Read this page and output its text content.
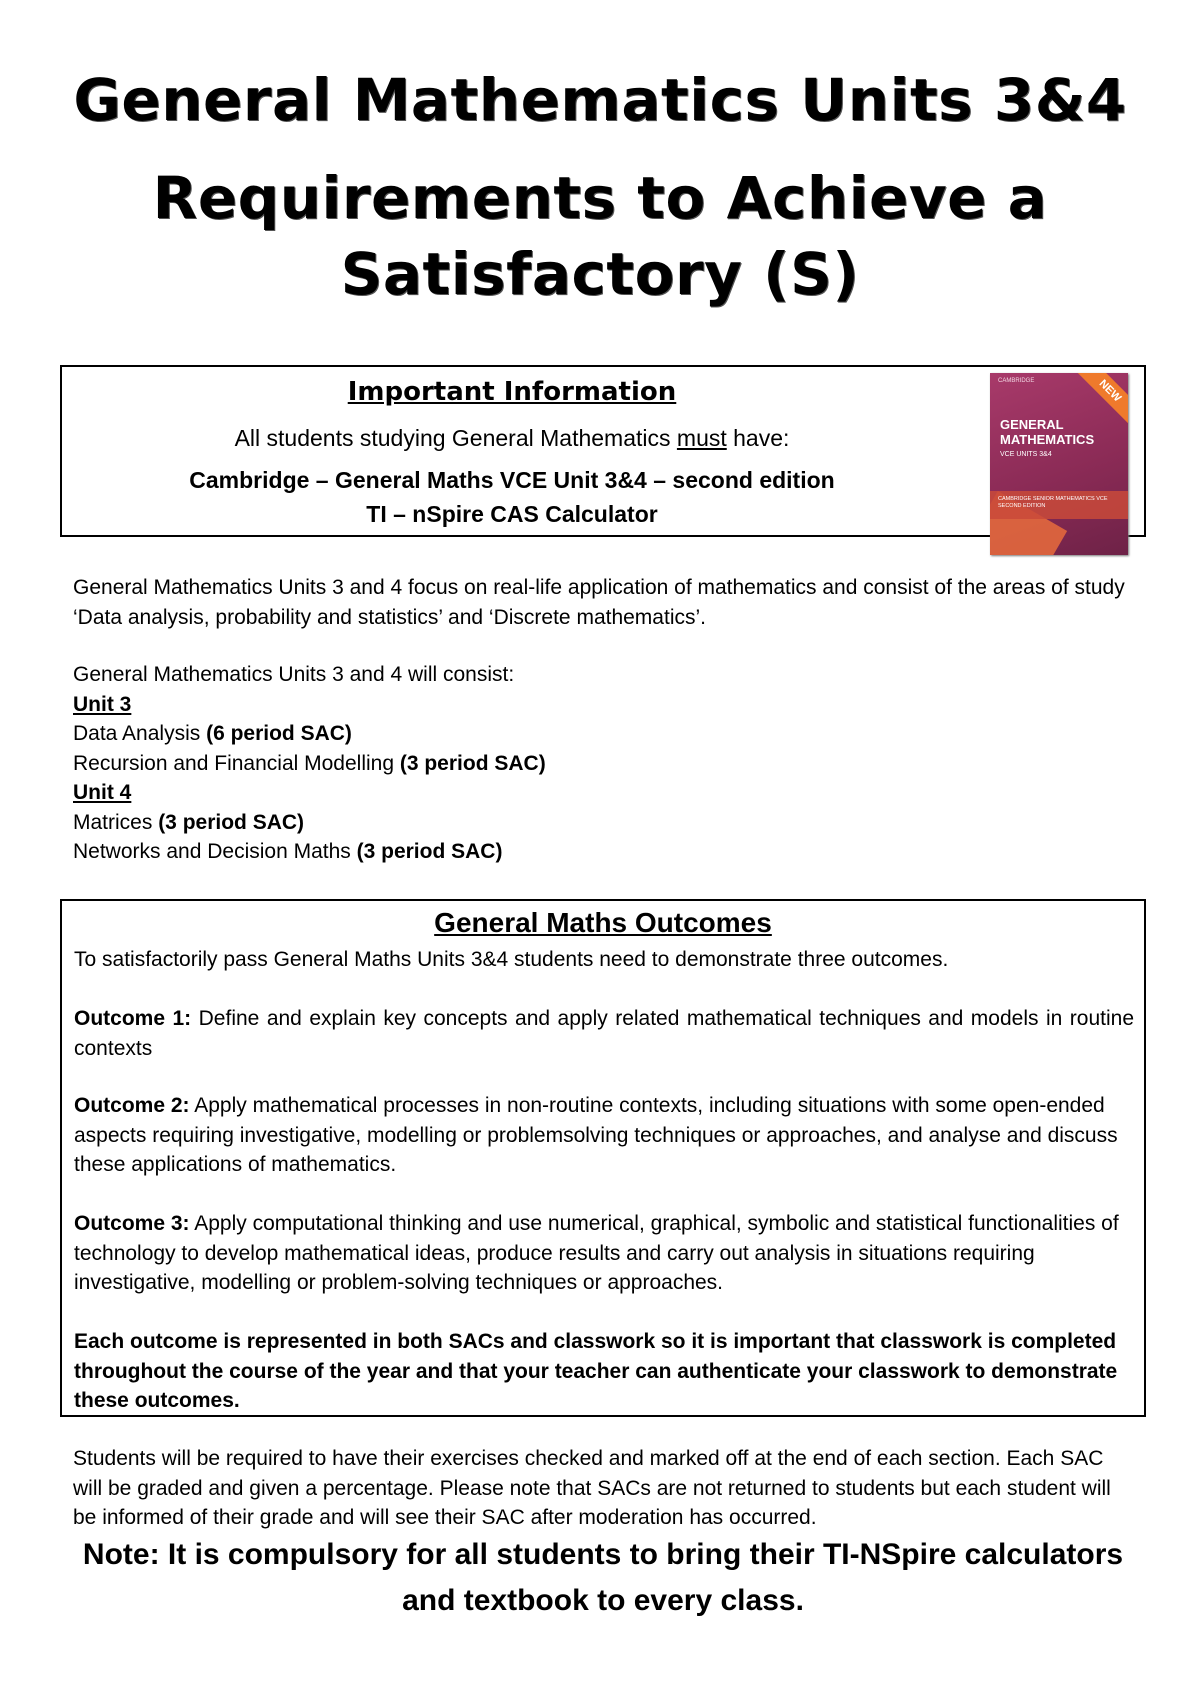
General Mathematics Units 3&4
Requirements to Achieve a Satisfactory (S)
Important Information
All students studying General Mathematics must have:
Cambridge – General Maths VCE Unit 3&4 – second edition
TI – nSpire CAS Calculator
CAMBRIDGE
GENERAL MATHEMATICS
VCE UNITS 3&4
CAMBRIDGE SENIOR MATHEMATICS VCE SECOND EDITION
NEW
General Mathematics Units 3 and 4 focus on real-life application of mathematics and consist of the areas of study ‘Data analysis, probability and statistics’ and ‘Discrete mathematics’.
General Mathematics Units 3 and 4 will consist:
Unit 3
Data Analysis (6 period SAC)
Recursion and Financial Modelling (3 period SAC)
Unit 4
Matrices (3 period SAC)
Networks and Decision Maths (3 period SAC)
General Maths Outcomes
To satisfactorily pass General Maths Units 3&4 students need to demonstrate three outcomes.
Outcome 1: Define and explain key concepts and apply related mathematical techniques and models in routine contexts
Outcome 2: Apply mathematical processes in non-routine contexts, including situations with some open-ended aspects requiring investigative, modelling or problemsolving techniques or approaches, and analyse and discuss these applications of mathematics.
Outcome 3: Apply computational thinking and use numerical, graphical, symbolic and statistical functionalities of technology to develop mathematical ideas, produce results and carry out analysis in situations requiring investigative, modelling or problem-solving techniques or approaches.
Each outcome is represented in both SACs and classwork so it is important that classwork is completed throughout the course of the year and that your teacher can authenticate your classwork to demonstrate these outcomes.
Students will be required to have their exercises checked and marked off at the end of each section. Each SAC will be graded and given a percentage. Please note that SACs are not returned to students but each student will be informed of their grade and will see their SAC after moderation has occurred.
Note: It is compulsory for all students to bring their TI-NSpire calculators and textbook to every class.
